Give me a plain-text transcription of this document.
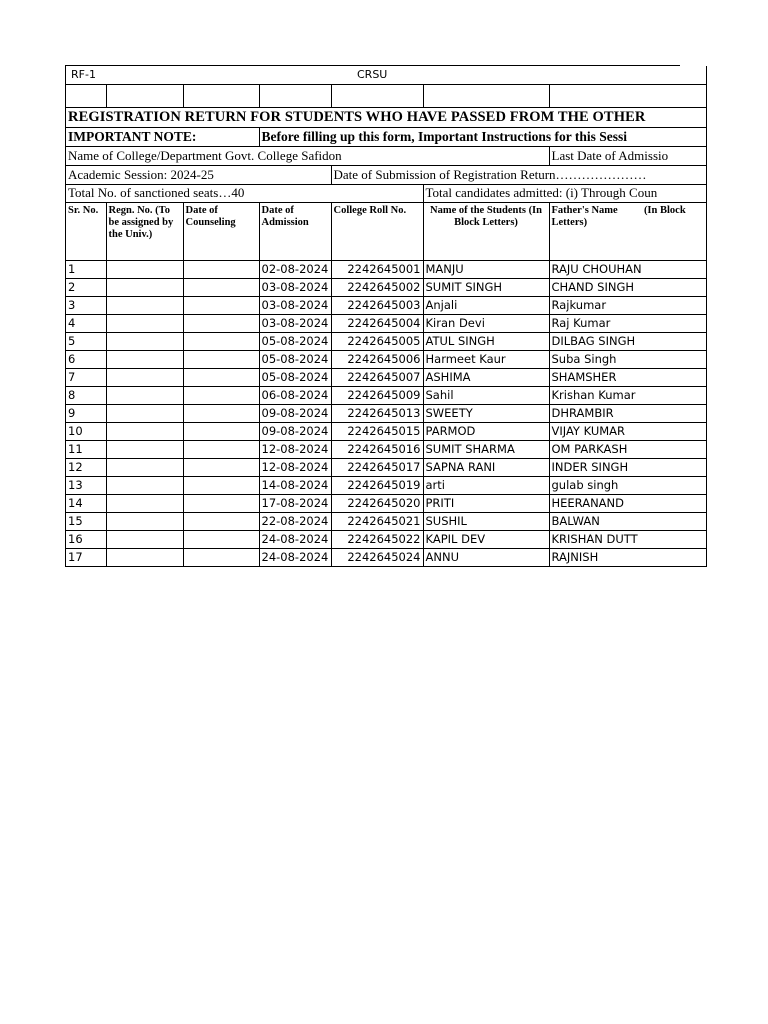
RF-1 CRSU						

REGISTRATION RETURN FOR STUDENTS WHO HAVE PASSED FROM THE OTHER						
IMPORTANT NOTE:			Before filling up this form, Important Instructions for this Sessi			
Name of College/Department Govt. College Safidon						Last Date of Admissio
Academic Session: 2024-25				Date of Submission of Registration Return…………………		
Total No. of sanctioned seats…40					Total candidates admitted: (i) Through Coun	
Sr. No.	Regn. No. (To be assigned by the Univ.)	Date of Counseling	Date of Admission	College Roll No.	Name of the Students (In Block Letters)	Father's Name          (In Block Letters)
1			02-08-2024	2242645001	MANJU	RAJU CHOUHAN
2			03-08-2024	2242645002	SUMIT SINGH	CHAND SINGH
3			03-08-2024	2242645003	Anjali	Rajkumar
4			03-08-2024	2242645004	Kiran Devi	Raj Kumar
5			05-08-2024	2242645005	ATUL SINGH	DILBAG SINGH
6			05-08-2024	2242645006	Harmeet Kaur	Suba Singh
7			05-08-2024	2242645007	ASHIMA	SHAMSHER
8			06-08-2024	2242645009	Sahil	Krishan Kumar
9			09-08-2024	2242645013	SWEETY	DHRAMBIR
10			09-08-2024	2242645015	PARMOD	VIJAY KUMAR
11			12-08-2024	2242645016	SUMIT SHARMA	OM PARKASH
12			12-08-2024	2242645017	SAPNA RANI	INDER SINGH
13			14-08-2024	2242645019	arti	gulab singh
14			17-08-2024	2242645020	PRITI	HEERANAND
15			22-08-2024	2242645021	SUSHIL	BALWAN
16			24-08-2024	2242645022	KAPIL DEV	KRISHAN DUTT
17			24-08-2024	2242645024	ANNU	RAJNISH
